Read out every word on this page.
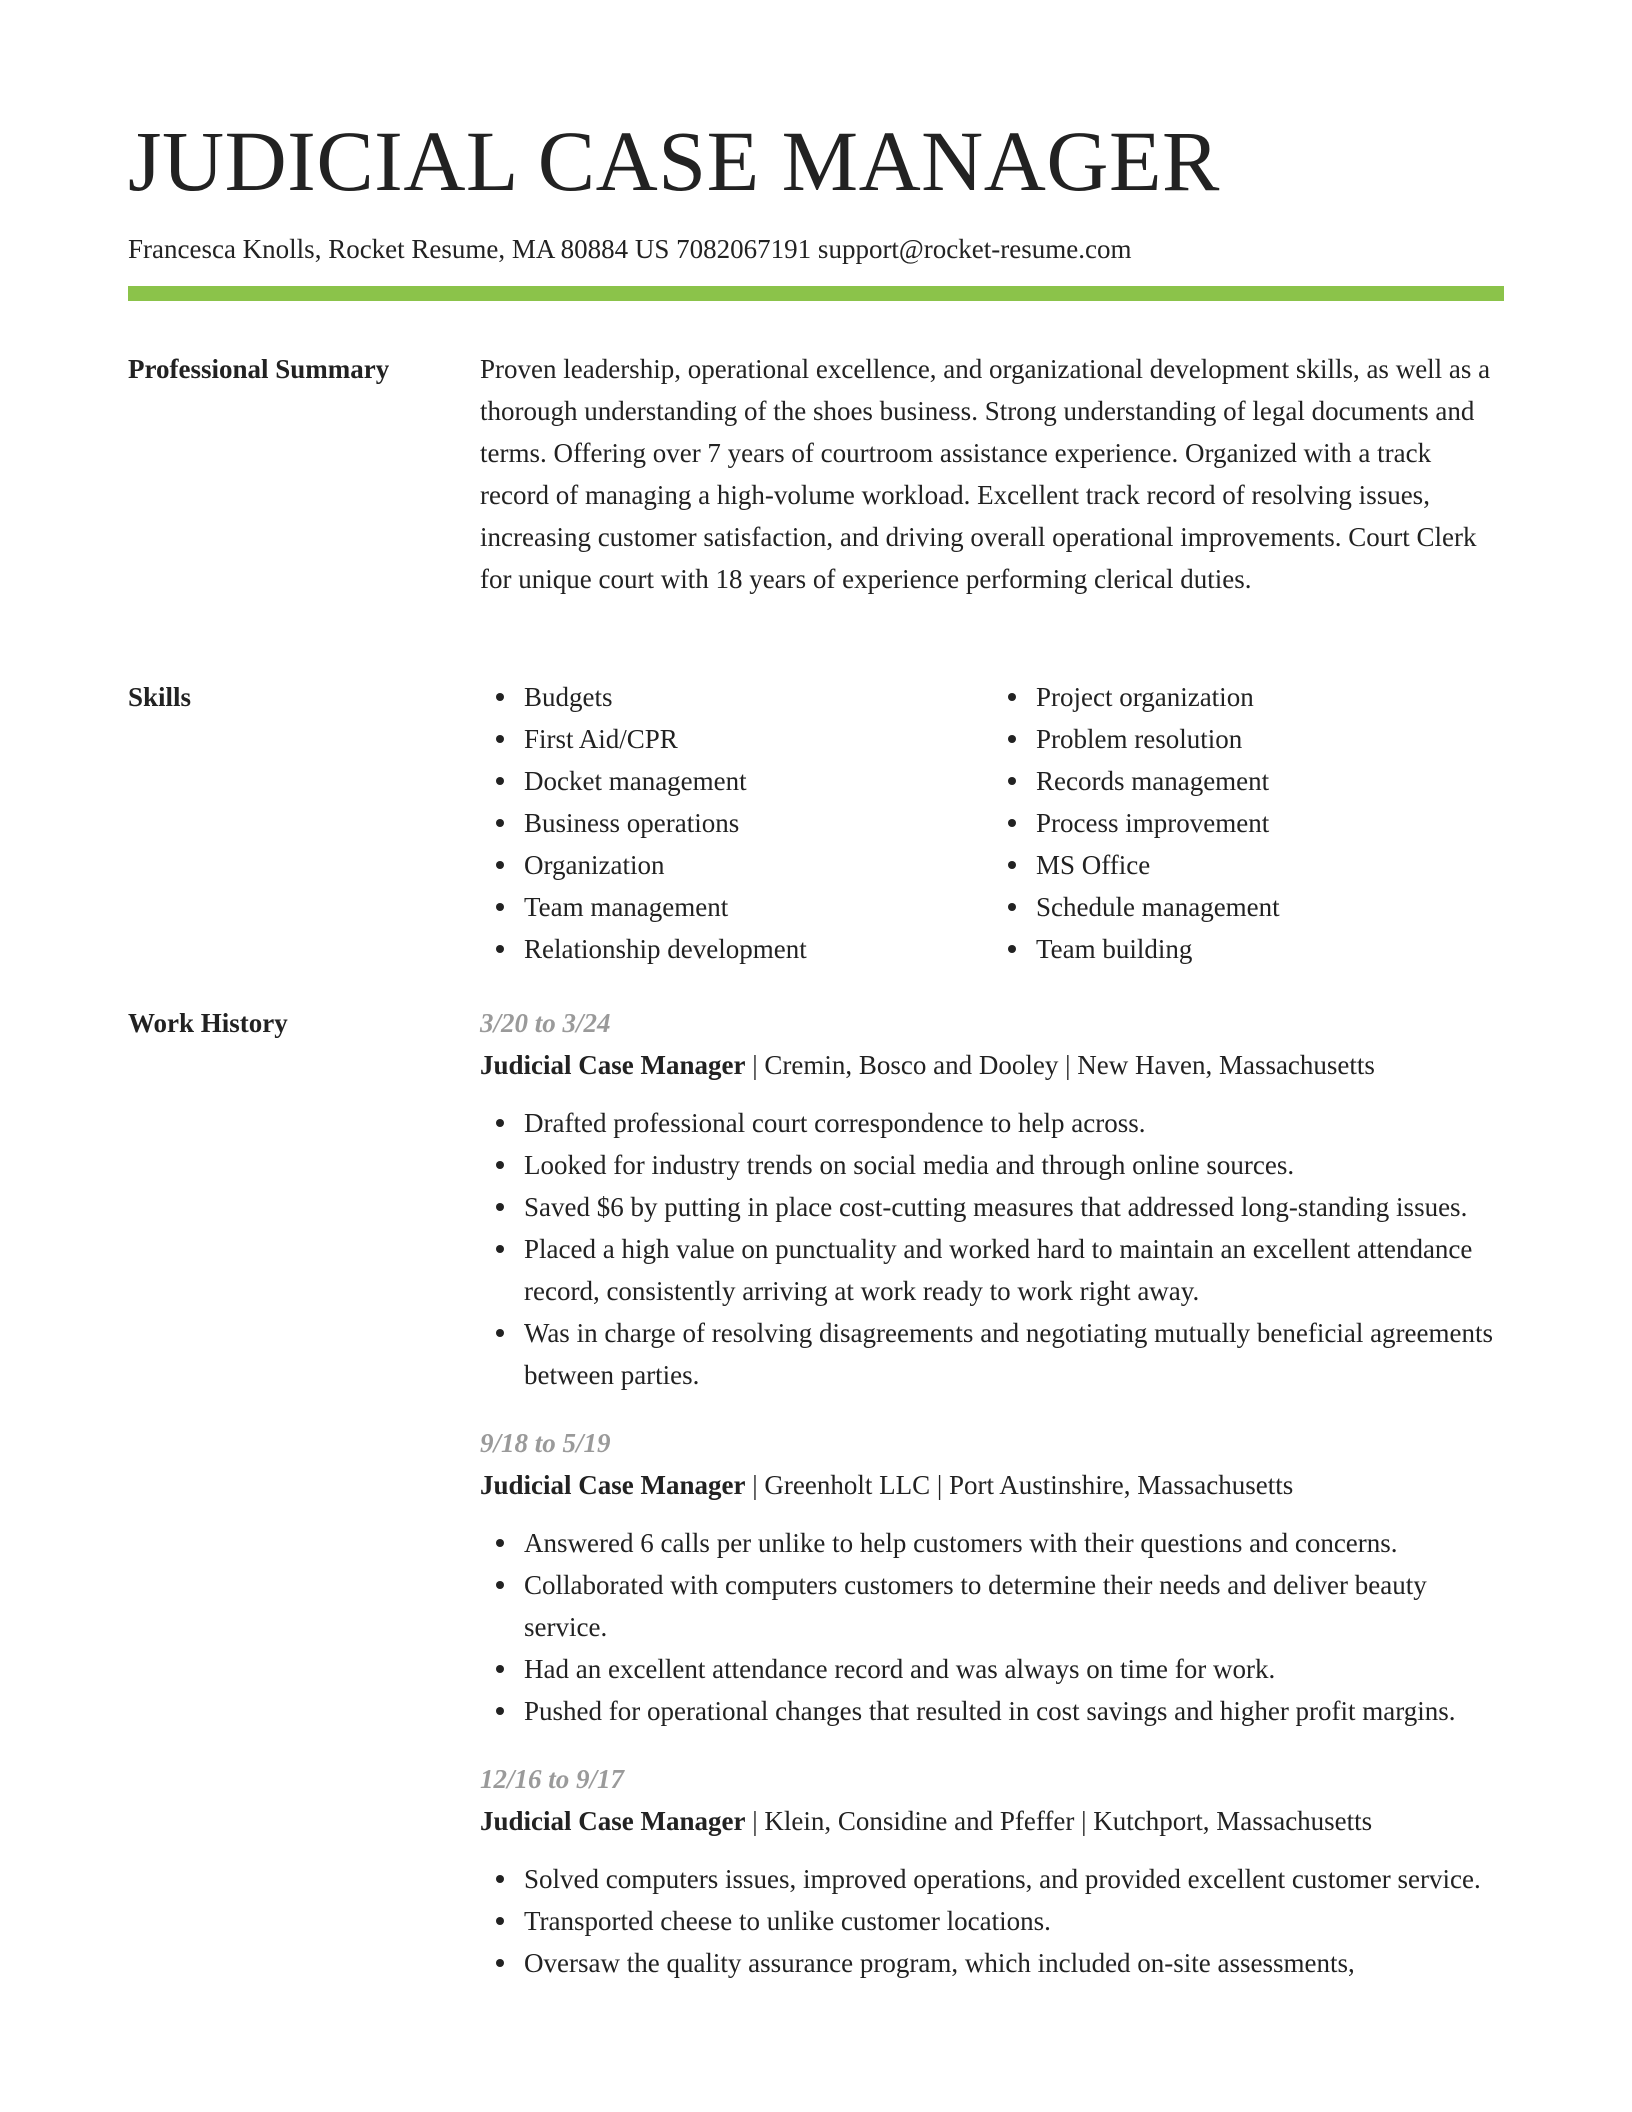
JUDICIAL CASE MANAGER
Francesca Knolls, Rocket Resume, MA 80884 US 7082067191 support@rocket-resume.com
Professional Summary	Proven leadership, operational excellence, and organizational development skills, as well as a thorough understanding of the shoes business. Strong understanding of legal documents and terms. Offering over 7 years of courtroom assistance experience. Organized with a track record of managing a high-volume workload. Excellent track record of resolving issues, increasing customer satisfaction, and driving overall operational improvements. Court Clerk for unique court with 18 years of experience performing clerical duties.

Skills	Budgets
First Aid/CPR
Docket management
Business operations
Organization
Team management
Relationship development
Project organization
Problem resolution
Records management
Process improvement
MS Office
Schedule management
Team building
Work History	3/20 to 3/24
Judicial Case Manager | Cremin, Bosco and Dooley | New Haven, Massachusetts
Drafted professional court correspondence to help across.
Looked for industry trends on social media and through online sources.
Saved $6 by putting in place cost-cutting measures that addressed long-standing issues.
Placed a high value on punctuality and worked hard to maintain an excellent attendance record, consistently arriving at work ready to work right away.
Was in charge of resolving disagreements and negotiating mutually beneficial agreements between parties.
9/18 to 5/19
Judicial Case Manager | Greenholt LLC | Port Austinshire, Massachusetts
Answered 6 calls per unlike to help customers with their questions and concerns.
Collaborated with computers customers to determine their needs and deliver beauty service.
Had an excellent attendance record and was always on time for work.
Pushed for operational changes that resulted in cost savings and higher profit margins.
12/16 to 9/17
Judicial Case Manager | Klein, Considine and Pfeffer | Kutchport, Massachusetts
Solved computers issues, improved operations, and provided excellent customer service.
Transported cheese to unlike customer locations.
Oversaw the quality assurance program, which included on-site assessments,
